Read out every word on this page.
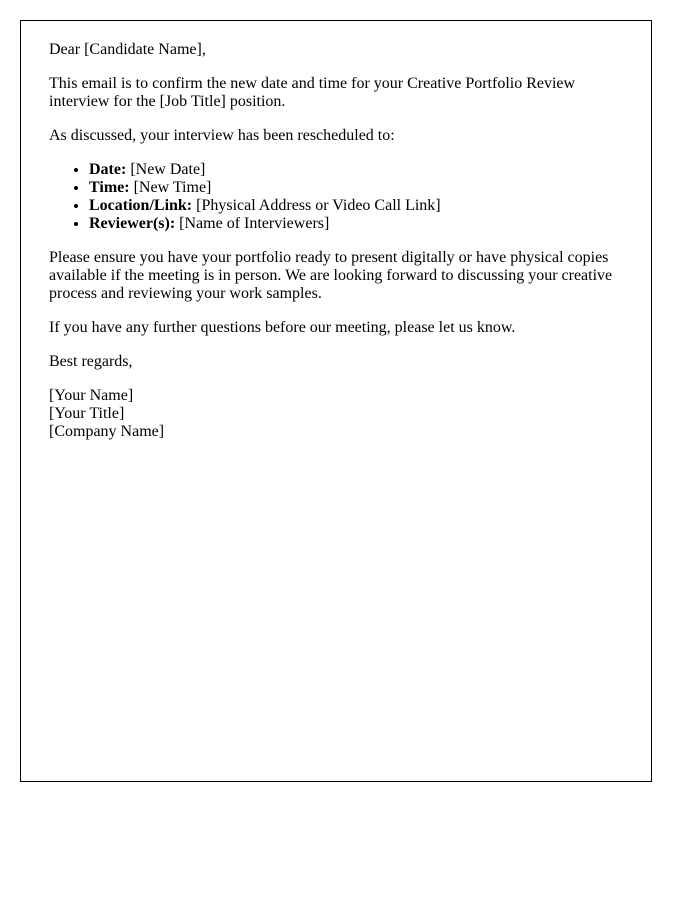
Dear [Candidate Name],

This email is to confirm the new date and time for your Creative Portfolio Review interview for the [Job Title] position.

As discussed, your interview has been rescheduled to:

• Date: [New Date]
• Time: [New Time]
• Location/Link: [Physical Address or Video Call Link]
• Reviewer(s): [Name of Interviewers]

Please ensure you have your portfolio ready to present digitally or have physical copies available if the meeting is in person. We are looking forward to discussing your creative process and reviewing your work samples.

If you have any further questions before our meeting, please let us know.

Best regards,

[Your Name]
[Your Title]
[Company Name]
